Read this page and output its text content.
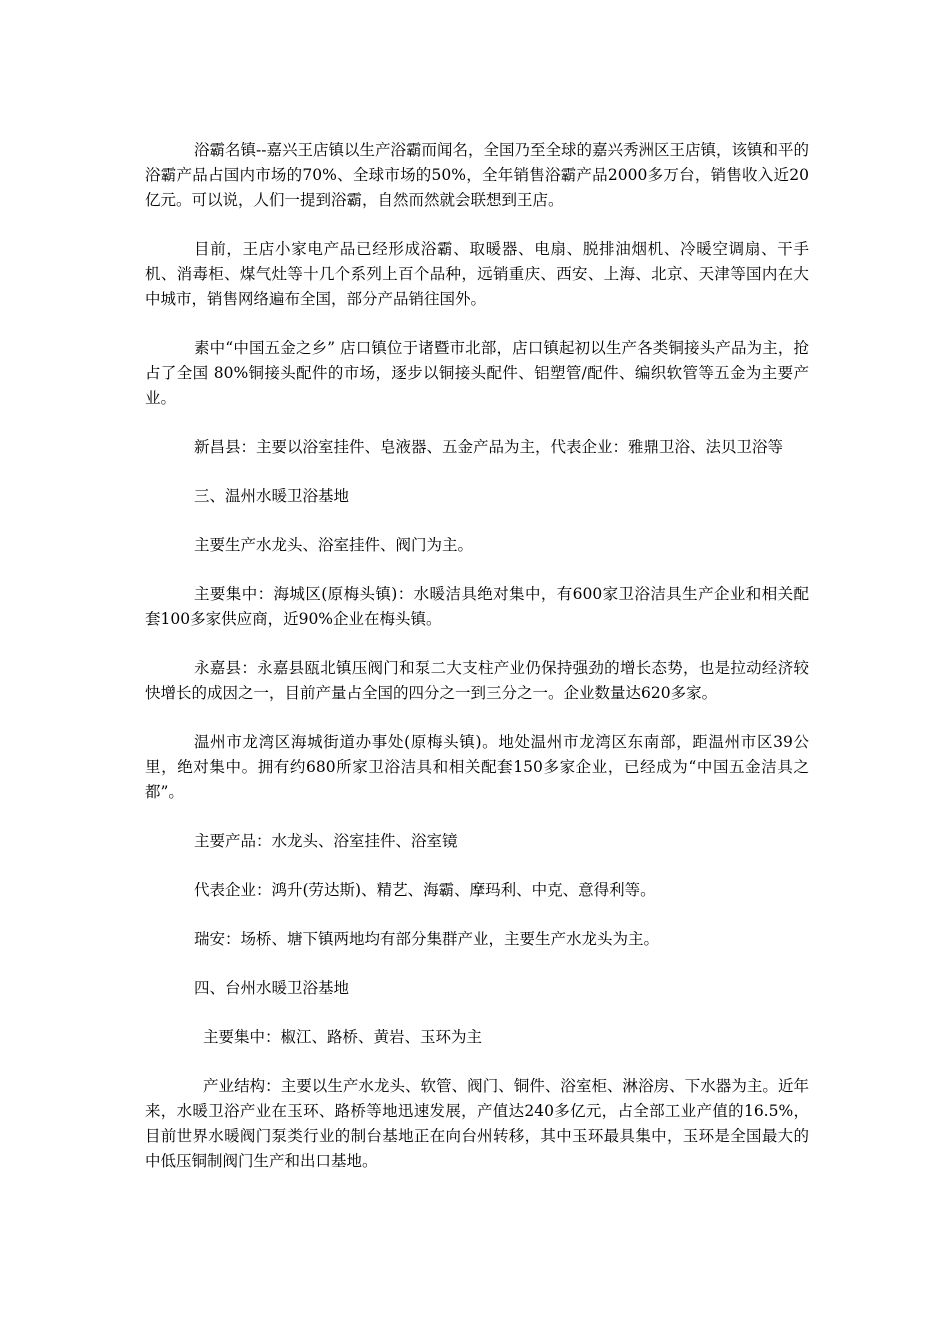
浴霸名镇--嘉兴王店镇以生产浴霸而闻名，全国乃至全球的嘉兴秀洲区王店镇，该镇和平的浴霸产品占国内市场的70%、全球市场的50%，全年销售浴霸产品2000多万台，销售收入近20亿元。可以说，人们一提到浴霸，自然而然就会联想到王店。

目前，王店小家电产品已经形成浴霸、取暖器、电扇、脱排油烟机、冷暖空调扇、干手机、消毒柜、煤气灶等十几个系列上百个品种，远销重庆、西安、上海、北京、天津等国内在大中城市，销售网络遍布全国，部分产品销往国外。

素中“中国五金之乡” 店口镇位于诸暨市北部，店口镇起初以生产各类铜接头产品为主，抢占了全国 80%铜接头配件的市场，逐步以铜接头配件、铝塑管/配件、编织软管等五金为主要产业。

新昌县：主要以浴室挂件、皂液器、五金产品为主，代表企业：雅鼎卫浴、法贝卫浴等

三、温州水暖卫浴基地

主要生产水龙头、浴室挂件、阀门为主。

主要集中：海城区(原梅头镇)：水暖洁具绝对集中，有600家卫浴洁具生产企业和相关配套100多家供应商，近90%企业在梅头镇。

永嘉县：永嘉县瓯北镇压阀门和泵二大支柱产业仍保持强劲的增长态势，也是拉动经济较快增长的成因之一，目前产量占全国的四分之一到三分之一。企业数量达620多家。

温州市龙湾区海城街道办事处(原梅头镇)。地处温州市龙湾区东南部，距温州市区39公里，绝对集中。拥有约680所家卫浴洁具和相关配套150多家企业，已经成为“中国五金洁具之都”。

主要产品：水龙头、浴室挂件、浴室镜

代表企业：鸿升(劳达斯)、精艺、海霸、摩玛利、中克、意得利等。

瑞安：场桥、塘下镇两地均有部分集群产业，主要生产水龙头为主。

四、台州水暖卫浴基地

主要集中：椒江、路桥、黄岩、玉环为主

产业结构：主要以生产水龙头、软管、阀门、铜件、浴室柜、淋浴房、下水器为主。近年来，水暖卫浴产业在玉环、路桥等地迅速发展，产值达240多亿元，占全部工业产值的16.5%，目前世界水暖阀门泵类行业的制台基地正在向台州转移，其中玉环最具集中，玉环是全国最大的中低压铜制阀门生产和出口基地。
